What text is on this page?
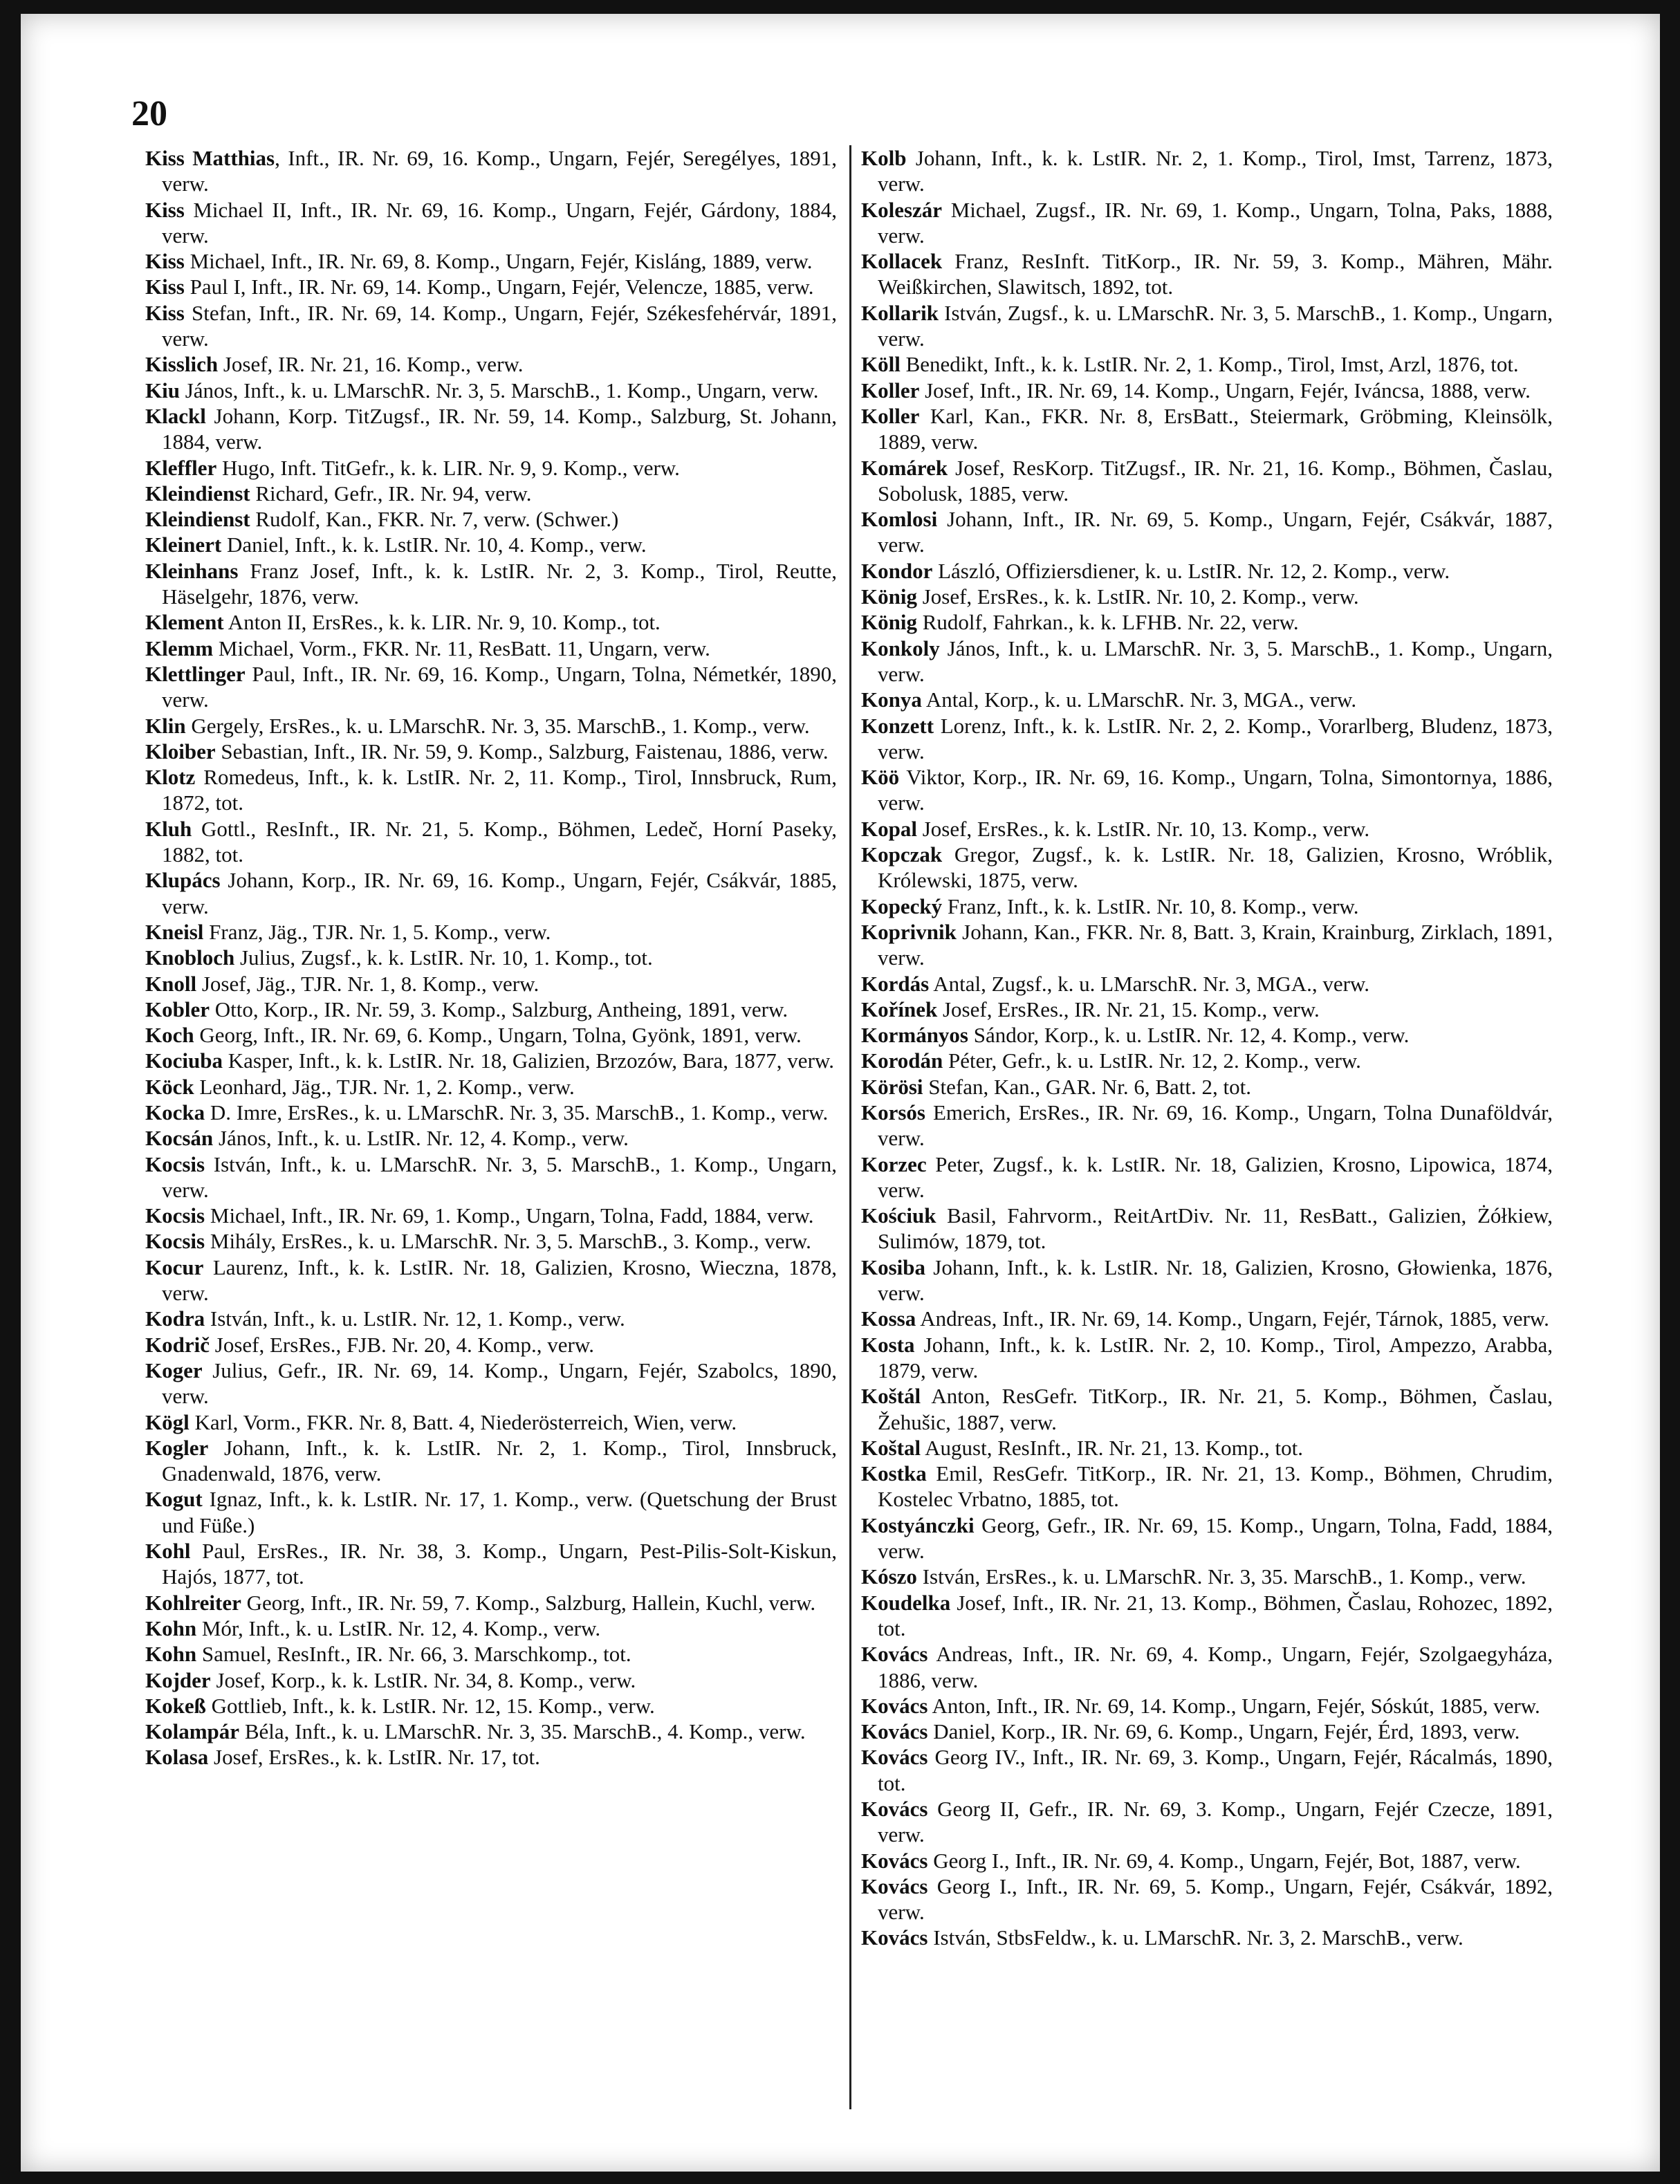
20

Kiss Matthias, Inft., IR. Nr. 69, 16. Komp., Ungarn, Fejér, Seregélyes, 1891, verw.

Kiss Michael II, Inft., IR. Nr. 69, 16. Komp., Ungarn, Fejér, Gárdony, 1884, verw.

Kiss Michael, Inft., IR. Nr. 69, 8. Komp., Ungarn, Fejér, Kisláng, 1889, verw.

Kiss Paul I, Inft., IR. Nr. 69, 14. Komp., Ungarn, Fejér, Velencze, 1885, verw.

Kiss Stefan, Inft., IR. Nr. 69, 14. Komp., Ungarn, Fejér, Székesfehérvár, 1891, verw.

Kisslich Josef, IR. Nr. 21, 16. Komp., verw.

Kiu János, Inft., k. u. LMarschR. Nr. 3, 5. MarschB., 1. Komp., Ungarn, verw.

Klackl Johann, Korp. TitZugsf., IR. Nr. 59, 14. Komp., Salzburg, St. Johann, 1884, verw.

Kleffler Hugo, Inft. TitGefr., k. k. LIR. Nr. 9, 9. Komp., verw.

Kleindienst Richard, Gefr., IR. Nr. 94, verw.

Kleindienst Rudolf, Kan., FKR. Nr. 7, verw. (Schwer.)

Kleinert Daniel, Inft., k. k. LstIR. Nr. 10, 4. Komp., verw.

Kleinhans Franz Josef, Inft., k. k. LstIR. Nr. 2, 3. Komp., Tirol, Reutte, Häselgehr, 1876, verw.

Klement Anton II, ErsRes., k. k. LIR. Nr. 9, 10. Komp., tot.

Klemm Michael, Vorm., FKR. Nr. 11, ResBatt. 11, Ungarn, verw.

Klettlinger Paul, Inft., IR. Nr. 69, 16. Komp., Ungarn, Tolna, Németkér, 1890, verw.

Klin Gergely, ErsRes., k. u. LMarschR. Nr. 3, 35. MarschB., 1. Komp., verw.

Kloiber Sebastian, Inft., IR. Nr. 59, 9. Komp., Salzburg, Faistenau, 1886, verw.

Klotz Romedeus, Inft., k. k. LstIR. Nr. 2, 11. Komp., Tirol, Innsbruck, Rum, 1872, tot.

Kluh Gottl., ResInft., IR. Nr. 21, 5. Komp., Böhmen, Ledeč, Horní Paseky, 1882, tot.

Klupács Johann, Korp., IR. Nr. 69, 16. Komp., Ungarn, Fejér, Csákvár, 1885, verw.

Kneisl Franz, Jäg., TJR. Nr. 1, 5. Komp., verw.

Knobloch Julius, Zugsf., k. k. LstIR. Nr. 10, 1. Komp., tot.

Knoll Josef, Jäg., TJR. Nr. 1, 8. Komp., verw.

Kobler Otto, Korp., IR. Nr. 59, 3. Komp., Salzburg, Antheing, 1891, verw.

Koch Georg, Inft., IR. Nr. 69, 6. Komp., Ungarn, Tolna, Gyönk, 1891, verw.

Kociuba Kasper, Inft., k. k. LstIR. Nr. 18, Galizien, Brzozów, Bara, 1877, verw.

Köck Leonhard, Jäg., TJR. Nr. 1, 2. Komp., verw.

Kocka D. Imre, ErsRes., k. u. LMarschR. Nr. 3, 35. MarschB., 1. Komp., verw.

Kocsán János, Inft., k. u. LstIR. Nr. 12, 4. Komp., verw.

Kocsis István, Inft., k. u. LMarschR. Nr. 3, 5. MarschB., 1. Komp., Ungarn, verw.

Kocsis Michael, Inft., IR. Nr. 69, 1. Komp., Ungarn, Tolna, Fadd, 1884, verw.

Kocsis Mihály, ErsRes., k. u. LMarschR. Nr. 3, 5. MarschB., 3. Komp., verw.

Kocur Laurenz, Inft., k. k. LstIR. Nr. 18, Galizien, Krosno, Wieczna, 1878, verw.

Kodra István, Inft., k. u. LstIR. Nr. 12, 1. Komp., verw.

Kodrič Josef, ErsRes., FJB. Nr. 20, 4. Komp., verw.

Koger Julius, Gefr., IR. Nr. 69, 14. Komp., Ungarn, Fejér, Szabolcs, 1890, verw.

Kögl Karl, Vorm., FKR. Nr. 8, Batt. 4, Niederösterreich, Wien, verw.

Kogler Johann, Inft., k. k. LstIR. Nr. 2, 1. Komp., Tirol, Innsbruck, Gnadenwald, 1876, verw.

Kogut Ignaz, Inft., k. k. LstIR. Nr. 17, 1. Komp., verw. (Quetschung der Brust und Füße.)

Kohl Paul, ErsRes., IR. Nr. 38, 3. Komp., Ungarn, Pest-Pilis-Solt-Kiskun, Hajós, 1877, tot.

Kohlreiter Georg, Inft., IR. Nr. 59, 7. Komp., Salzburg, Hallein, Kuchl, verw.

Kohn Mór, Inft., k. u. LstIR. Nr. 12, 4. Komp., verw.

Kohn Samuel, ResInft., IR. Nr. 66, 3. Marschkomp., tot.

Kojder Josef, Korp., k. k. LstIR. Nr. 34, 8. Komp., verw.

Kokeß Gottlieb, Inft., k. k. LstIR. Nr. 12, 15. Komp., verw.

Kolampár Béla, Inft., k. u. LMarschR. Nr. 3, 35. MarschB., 4. Komp., verw.

Kolasa Josef, ErsRes., k. k. LstIR. Nr. 17, tot.

Kolb Johann, Inft., k. k. LstIR. Nr. 2, 1. Komp., Tirol, Imst, Tarrenz, 1873, verw.

Koleszár Michael, Zugsf., IR. Nr. 69, 1. Komp., Ungarn, Tolna, Paks, 1888, verw.

Kollacek Franz, ResInft. TitKorp., IR. Nr. 59, 3. Komp., Mähren, Mähr. Weißkirchen, Slawitsch, 1892, tot.

Kollarik István, Zugsf., k. u. LMarschR. Nr. 3, 5. MarschB., 1. Komp., Ungarn, verw.

Köll Benedikt, Inft., k. k. LstIR. Nr. 2, 1. Komp., Tirol, Imst, Arzl, 1876, tot.

Koller Josef, Inft., IR. Nr. 69, 14. Komp., Ungarn, Fejér, Iváncsa, 1888, verw.

Koller Karl, Kan., FKR. Nr. 8, ErsBatt., Steiermark, Gröbming, Kleinsölk, 1889, verw.

Komárek Josef, ResKorp. TitZugsf., IR. Nr. 21, 16. Komp., Böhmen, Časlau, Sobolusk, 1885, verw.

Komlosi Johann, Inft., IR. Nr. 69, 5. Komp., Ungarn, Fejér, Csákvár, 1887, verw.

Kondor László, Offiziersdiener, k. u. LstIR. Nr. 12, 2. Komp., verw.

König Josef, ErsRes., k. k. LstIR. Nr. 10, 2. Komp., verw.

König Rudolf, Fahrkan., k. k. LFHB. Nr. 22, verw.

Konkoly János, Inft., k. u. LMarschR. Nr. 3, 5. MarschB., 1. Komp., Ungarn, verw.

Konya Antal, Korp., k. u. LMarschR. Nr. 3, MGA., verw.

Konzett Lorenz, Inft., k. k. LstIR. Nr. 2, 2. Komp., Vorarlberg, Bludenz, 1873, verw.

Köö Viktor, Korp., IR. Nr. 69, 16. Komp., Ungarn, Tolna, Simontornya, 1886, verw.

Kopal Josef, ErsRes., k. k. LstIR. Nr. 10, 13. Komp., verw.

Kopczak Gregor, Zugsf., k. k. LstIR. Nr. 18, Galizien, Krosno, Wróblik, Królewski, 1875, verw.

Kopecký Franz, Inft., k. k. LstIR. Nr. 10, 8. Komp., verw.

Koprivnik Johann, Kan., FKR. Nr. 8, Batt. 3, Krain, Krainburg, Zirklach, 1891, verw.

Kordás Antal, Zugsf., k. u. LMarschR. Nr. 3, MGA., verw.

Kořínek Josef, ErsRes., IR. Nr. 21, 15. Komp., verw.

Kormányos Sándor, Korp., k. u. LstIR. Nr. 12, 4. Komp., verw.

Korodán Péter, Gefr., k. u. LstIR. Nr. 12, 2. Komp., verw.

Körösi Stefan, Kan., GAR. Nr. 6, Batt. 2, tot.

Korsós Emerich, ErsRes., IR. Nr. 69, 16. Komp., Ungarn, Tolna Dunaföldvár, verw.

Korzec Peter, Zugsf., k. k. LstIR. Nr. 18, Galizien, Krosno, Lipowica, 1874, verw.

Kościuk Basil, Fahrvorm., ReitArtDiv. Nr. 11, ResBatt., Galizien, Żółkiew, Sulimów, 1879, tot.

Kosiba Johann, Inft., k. k. LstIR. Nr. 18, Galizien, Krosno, Głowienka, 1876, verw.

Kossa Andreas, Inft., IR. Nr. 69, 14. Komp., Ungarn, Fejér, Tárnok, 1885, verw.

Kosta Johann, Inft., k. k. LstIR. Nr. 2, 10. Komp., Tirol, Ampezzo, Arabba, 1879, verw.

Koštál Anton, ResGefr. TitKorp., IR. Nr. 21, 5. Komp., Böhmen, Časlau, Žehušic, 1887, verw.

Koštal August, ResInft., IR. Nr. 21, 13. Komp., tot.

Kostka Emil, ResGefr. TitKorp., IR. Nr. 21, 13. Komp., Böhmen, Chrudim, Kostelec Vrbatno, 1885, tot.

Kostyánczki Georg, Gefr., IR. Nr. 69, 15. Komp., Ungarn, Tolna, Fadd, 1884, verw.

Kószo István, ErsRes., k. u. LMarschR. Nr. 3, 35. MarschB., 1. Komp., verw.

Koudelka Josef, Inft., IR. Nr. 21, 13. Komp., Böhmen, Časlau, Rohozec, 1892, tot.

Kovács Andreas, Inft., IR. Nr. 69, 4. Komp., Ungarn, Fejér, Szolgaegyháza, 1886, verw.

Kovács Anton, Inft., IR. Nr. 69, 14. Komp., Ungarn, Fejér, Sóskút, 1885, verw.

Kovács Daniel, Korp., IR. Nr. 69, 6. Komp., Ungarn, Fejér, Érd, 1893, verw.

Kovács Georg IV., Inft., IR. Nr. 69, 3. Komp., Ungarn, Fejér, Rácalmás, 1890, tot.

Kovács Georg II, Gefr., IR. Nr. 69, 3. Komp., Ungarn, Fejér Czecze, 1891, verw.

Kovács Georg I., Inft., IR. Nr. 69, 4. Komp., Ungarn, Fejér, Bot, 1887, verw.

Kovács Georg I., Inft., IR. Nr. 69, 5. Komp., Ungarn, Fejér, Csákvár, 1892, verw.

Kovács István, StbsFeldw., k. u. LMarschR. Nr. 3, 2. MarschB., verw.
